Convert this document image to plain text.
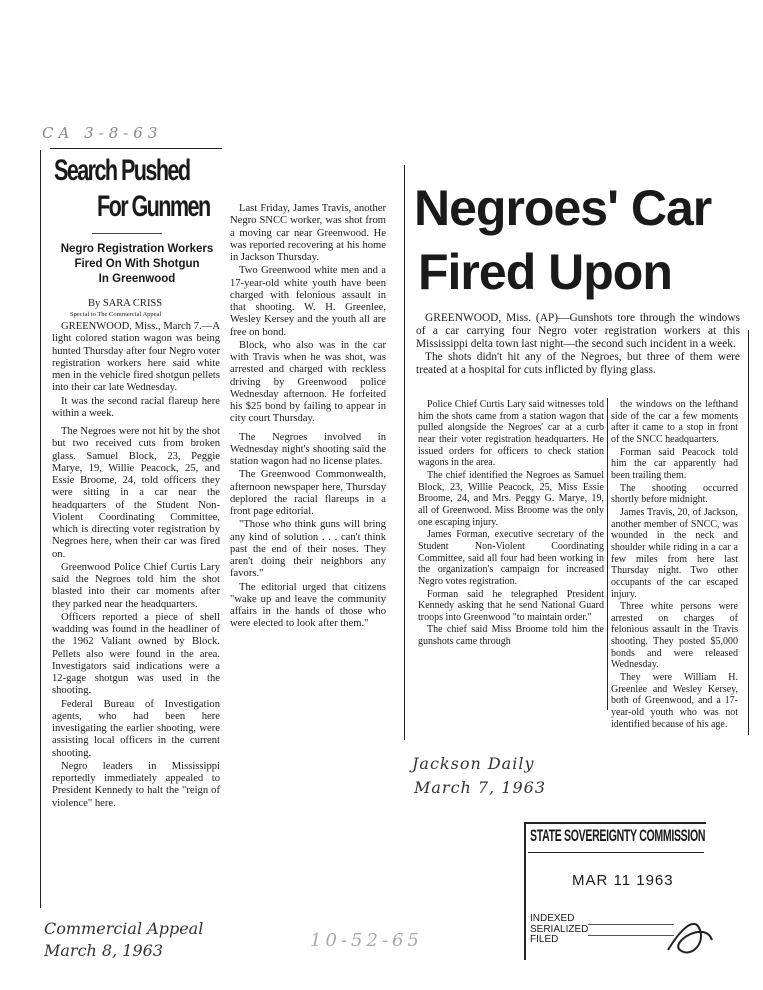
CA 3-8-63
Search Pushed
For Gunmen
Negro Registration Workers
Fired On With Shotgun
In Greenwood
By SARA CRISS
Special to The Commercial Appeal

GREENWOOD, Miss., March 7.—A light colored station wagon was being hunted Thursday after four Negro voter registration workers here said white men in the vehicle fired shotgun pellets into their car late Wednesday.

It was the second racial flareup here within a week.

The Negroes were not hit by the shot but two received cuts from broken glass. Samuel Block, 23, Peggie Marye, 19, Willie Peacock, 25, and Essie Broome, 24, told officers they were sitting in a car near the headquarters of the Student Non-Violent Coordinating Committee, which is directing voter registration by Negroes here, when their car was fired on.

Greenwood Police Chief Curtis Lary said the Negroes told him the shot blasted into their car moments after they parked near the headquarters.

Officers reported a piece of shell wadding was found in the headliner of the 1962 Valiant owned by Block. Pellets also were found in the area. Investigators said indications were a 12-gage shotgun was used in the shooting.

Federal Bureau of Investigation agents, who had been here investigating the earlier shooting, were assisting local officers in the current shooting.

Negro leaders in Mississippi reportedly immediately appealed to President Kennedy to halt the "reign of violence" here.

Last Friday, James Travis, another Negro SNCC worker, was shot from a moving car near Greenwood. He was reported recovering at his home in Jackson Thursday.

Two Greenwood white men and a 17-year-old white youth have been charged with felonious assault in that shooting. W. H. Greenlee, Wesley Kersey and the youth all are free on bond.

Block, who also was in the car with Travis when he was shot, was arrested and charged with reckless driving by Greenwood police Wednesday afternoon. He forfeited his $25 bond by failing to appear in city court Thursday.

The Negroes involved in Wednesday night's shooting said the station wagon had no license plates.

The Greenwood Commonwealth, afternoon newspaper here, Thursday deplored the racial flareups in a front page editorial.

"Those who think guns will bring any kind of solution . . . can't think past the end of their noses. They aren't doing their neighbors any favors."

The editorial urged that citizens "wake up and leave the community affairs in the hands of those who were elected to look after them."

Commercial Appeal
March 8, 1963	10-52-65
Negroes' Car
Fired Upon

GREENWOOD, Miss. (AP)—Gunshots tore through the windows of a car carrying four Negro voter registration workers at this Mississippi delta town last night—the second such incident in a week.

The shots didn't hit any of the Negroes, but three of them were treated at a hospital for cuts inflicted by flying glass.

Police Chief Curtis Lary said witnesses told him the shots came from a station wagon that pulled alongside the Negroes' car at a curb near their voter registration headquarters. He issued orders for officers to check station wagons in the area.

The chief identified the Negroes as Samuel Block, 23, Willie Peacock, 25, Miss Essie Broome, 24, and Mrs. Peggy G. Marye, 19, all of Greenwood. Miss Broome was the only one escaping injury.

James Forman, executive secretary of the Student Non-Violent Coordinating Committee, said all four had been working in the organization's campaign for increased Negro votes registration.

Forman said he telegraphed President Kennedy asking that he send National Guard troops into Greenwood "to maintain order."

The chief said Miss Broome told him the gunshots came through

the windows on the lefthand side of the car a few moments after it came to a stop in front of the SNCC headquarters.

Forman said Peacock told him the car apparently had been trailing them.

The shooting occurred shortly before midnight.

James Travis, 20, of Jackson, another member of SNCC, was wounded in the neck and shoulder while riding in a car a few miles from here last Thursday night. Two other occupants of the car escaped injury.

Three white persons were arrested on charges of felonious assault in the Travis shooting. They posted $5,000 bonds and were released Wednesday.

They were William H. Greenlee and Wesley Kersey, both of Greenwood, and a 17-year-old youth who was not identified because of his age.

Jackson Daily
March 7, 1963
STATE SOVEREIGNTY COMMISSION
MAR 11 1963
INDEXED
SERIALIZED
FILED
